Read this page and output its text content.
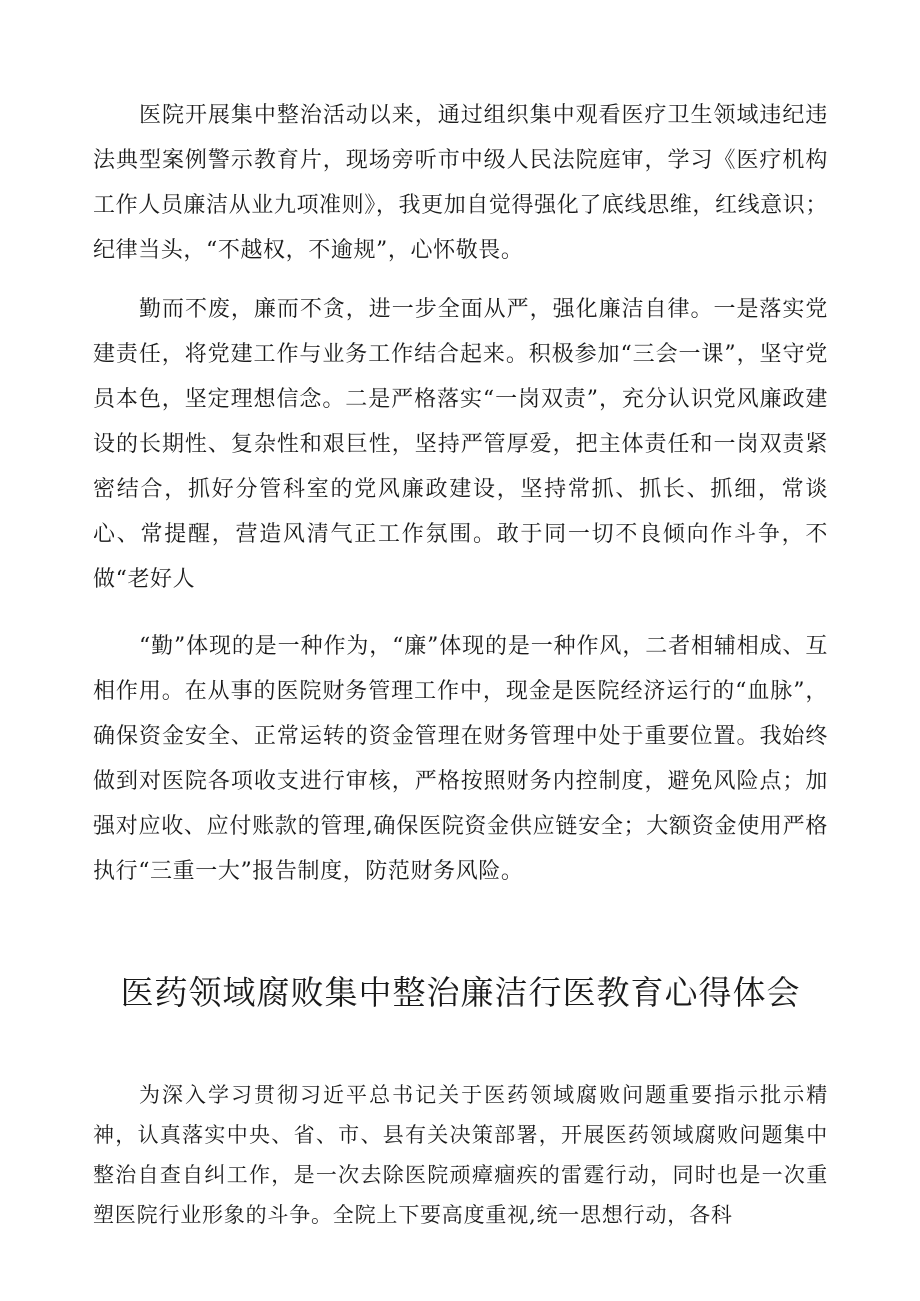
医院开展集中整治活动以来，通过组织集中观看医疗卫生领域违纪违法典型案例警示教育片，现场旁听市中级人民法院庭审，学习《医疗机构工作人员廉洁从业九项准则》，我更加自觉得强化了底线思维，红线意识；纪律当头，“不越权，不逾规”，心怀敬畏。

勤而不废，廉而不贪，进一步全面从严，强化廉洁自律。一是落实党建责任，将党建工作与业务工作结合起来。积极参加“三会一课”，坚守党员本色，坚定理想信念。二是严格落实“一岗双责”，充分认识党风廉政建设的长期性、复杂性和艰巨性，坚持严管厚爱，把主体责任和一岗双责紧密结合，抓好分管科室的党风廉政建设，坚持常抓、抓长、抓细，常谈心、常提醒，营造风清气正工作氛围。敢于同一切不良倾向作斗争，不做“老好人

“勤”体现的是一种作为，“廉”体现的是一种作风，二者相辅相成、互相作用。在从事的医院财务管理工作中，现金是医院经济运行的“血脉”，确保资金安全、正常运转的资金管理在财务管理中处于重要位置。我始终做到对医院各项收支进行审核，严格按照财务内控制度，避免风险点；加强对应收、应付账款的管理,确保医院资金供应链安全；大额资金使用严格执行“三重一大”报告制度，防范财务风险。

医药领域腐败集中整治廉洁行医教育心得体会

为深入学习贯彻习近平总书记关于医药领域腐败问题重要指示批示精神，认真落实中央、省、市、县有关决策部署，开展医药领域腐败问题集中整治自查自纠工作，是一次去除医院顽瘴痼疾的雷霆行动，同时也是一次重塑医院行业形象的斗争。全院上下要高度重视,统一思想行动，各科
